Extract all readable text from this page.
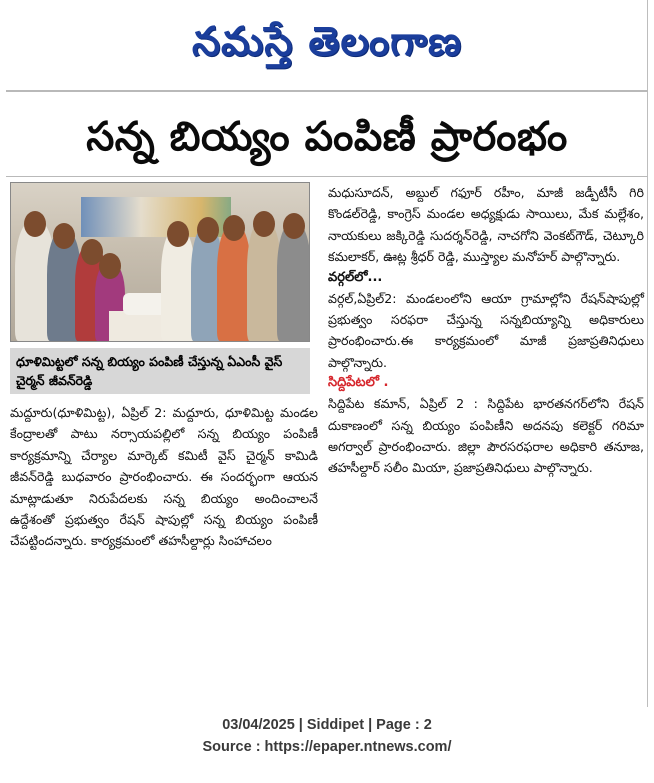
నమస్తే తెలంగాణ
సన్న బియ్యం పంపిణీ ప్రారంభం
ధూళిమిట్టలో సన్న బియ్యం పంపిణీ చేస్తున్న ఏఎంసీ వైస్ చైర్మన్ జీవన్‌రెడ్డి
మద్దూరు(ధూళిమిట్ట), ఏప్రిల్ 2: మద్దూరు, ధూళిమిట్ట మండల కేంద్రాలతో పాటు నర్సాయపల్లిలో సన్న బియ్యం పంపిణీ కార్యక్రమాన్ని చేర్యాల మార్కెట్ కమిటీ వైస్ చైర్మన్ కామిడి జీవన్‌రెడ్డి బుధవారం ప్రారంభించారు. ఈ సందర్భంగా ఆయన మాట్లాడుతూ నిరుపేదలకు సన్న బియ్యం అందించాలనే ఉద్దేశంతో ప్రభుత్వం రేషన్ షాపుల్లో సన్న బియ్యం పంపిణీ చేపట్టిందన్నారు. కార్యక్రమంలో తహసీల్దార్లు సింహాచలం
మధుసూదన్, అబ్దుల్ గఫూర్ రహీం, మాజీ జడ్పీటీసీ గిరి కొండల్‌రెడ్డి, కాంగ్రెస్ మండల అధ్యక్షుడు సాయిలు, మేక మల్లేశం, నాయకులు జక్కిరెడ్డి సుదర్శన్‌రెడ్డి, నాచగోని వెంకట్‌గౌడ్, చెట్కూరి కమలాకర్, ఊట్ల శ్రీధర్ రెడ్డి, ముస్త్యాల మనోహర్ పాల్గొన్నారు.
వర్గల్‌లో...
వర్గల్,ఏప్రిల్2: మండలంలోని ఆయా గ్రామాల్లోని రేషన్‌షాపుల్లో ప్రభుత్వం సరఫరా చేస్తున్న సన్నబియ్యాన్ని అధికారులు ప్రారంభించారు.ఈ కార్యక్రమంలో మాజీ ప్రజాప్రతినిధులు పాల్గొన్నారు.
సిద్దిపేటలో .
సిద్దిపేట కమాన్, ఏప్రిల్ 2 : సిద్దిపేట భారతనగర్‌లోని రేషన్ దుకాణంలో సన్న బియ్యం పంపిణీని అదనపు కలెక్టర్ గరిమా అగర్వాల్ ప్రారంభించారు. జిల్లా పౌరసరఫరాల అధికారి తనూజ, తహసీల్దార్ సలీం మియా, ప్రజాప్రతినిధులు పాల్గొన్నారు.
03/04/2025 | Siddipet | Page : 2
Source : https://epaper.ntnews.com/
